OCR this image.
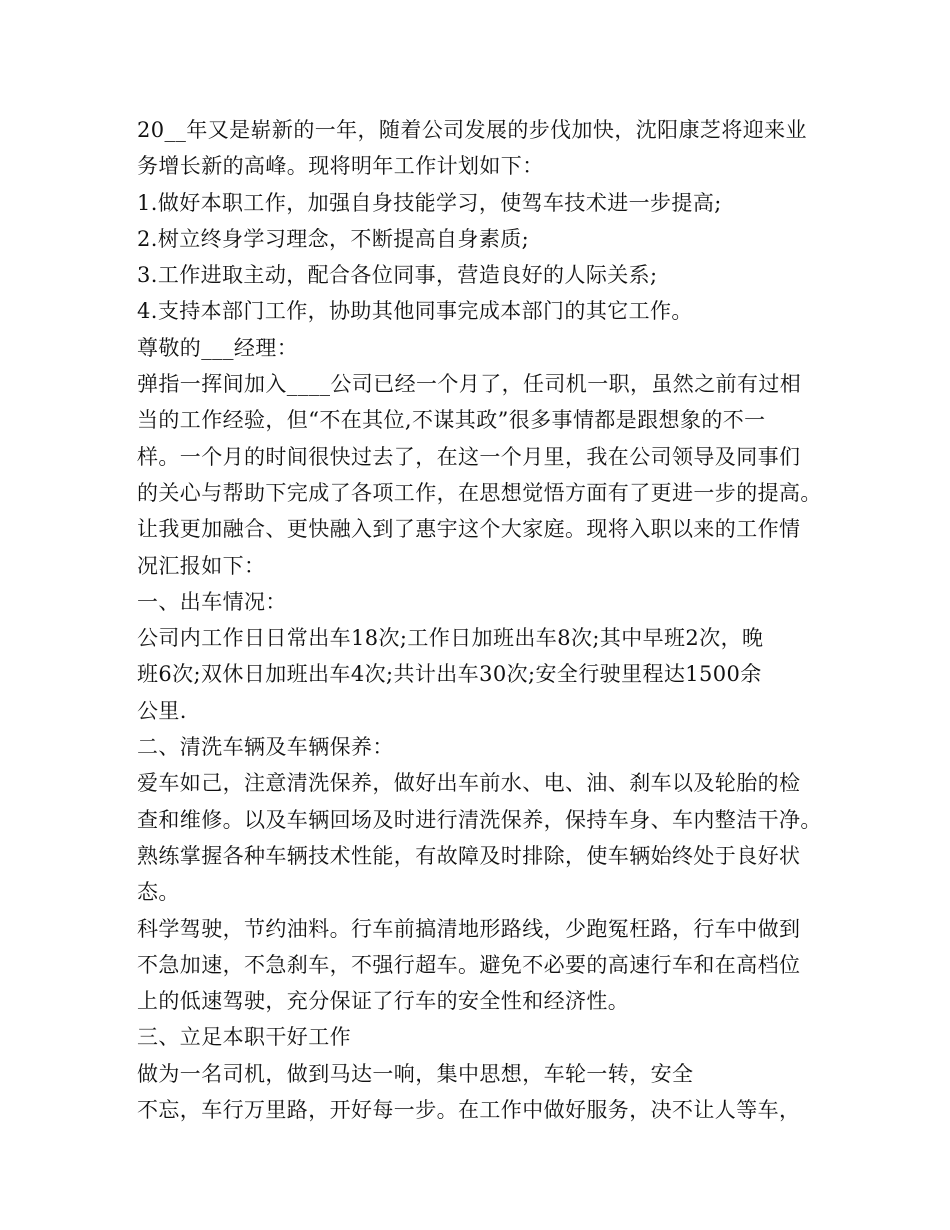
20__年又是崭新的一年，随着公司发展的步伐加快，沈阳康芝将迎来业
务增长新的高峰。现将明年工作计划如下：
1.做好本职工作，加强自身技能学习，使驾车技术进一步提高;
2.树立终身学习理念，不断提高自身素质;
3.工作进取主动，配合各位同事，营造良好的人际关系;
4.支持本部门工作，协助其他同事完成本部门的其它工作。
尊敬的___经理：
弹指一挥间加入____公司已经一个月了，任司机一职，虽然之前有过相
当的工作经验，但“不在其位,不谋其政”很多事情都是跟想象的不一
样。一个月的时间很快过去了，在这一个月里，我在公司领导及同事们
的关心与帮助下完成了各项工作，在思想觉悟方面有了更进一步的提高。
让我更加融合、更快融入到了惠宇这个大家庭。现将入职以来的工作情
况汇报如下：
一、出车情况：
公司内工作日日常出车18次;工作日加班出车8次;其中早班2次，晚
班6次;双休日加班出车4次;共计出车30次;安全行驶里程达1500余
公里.
二、清洗车辆及车辆保养：
爱车如己，注意清洗保养，做好出车前水、电、油、刹车以及轮胎的检
查和维修。以及车辆回场及时进行清洗保养，保持车身、车内整洁干净。
熟练掌握各种车辆技术性能，有故障及时排除，使车辆始终处于良好状
态。
科学驾驶，节约油料。行车前搞清地形路线，少跑冤枉路，行车中做到
不急加速，不急刹车，不强行超车。避免不必要的高速行车和在高档位
上的低速驾驶，充分保证了行车的安全性和经济性。
三、立足本职干好工作
做为一名司机，做到马达一响，集中思想，车轮一转，安全
不忘，车行万里路，开好每一步。在工作中做好服务，决不让人等车，
